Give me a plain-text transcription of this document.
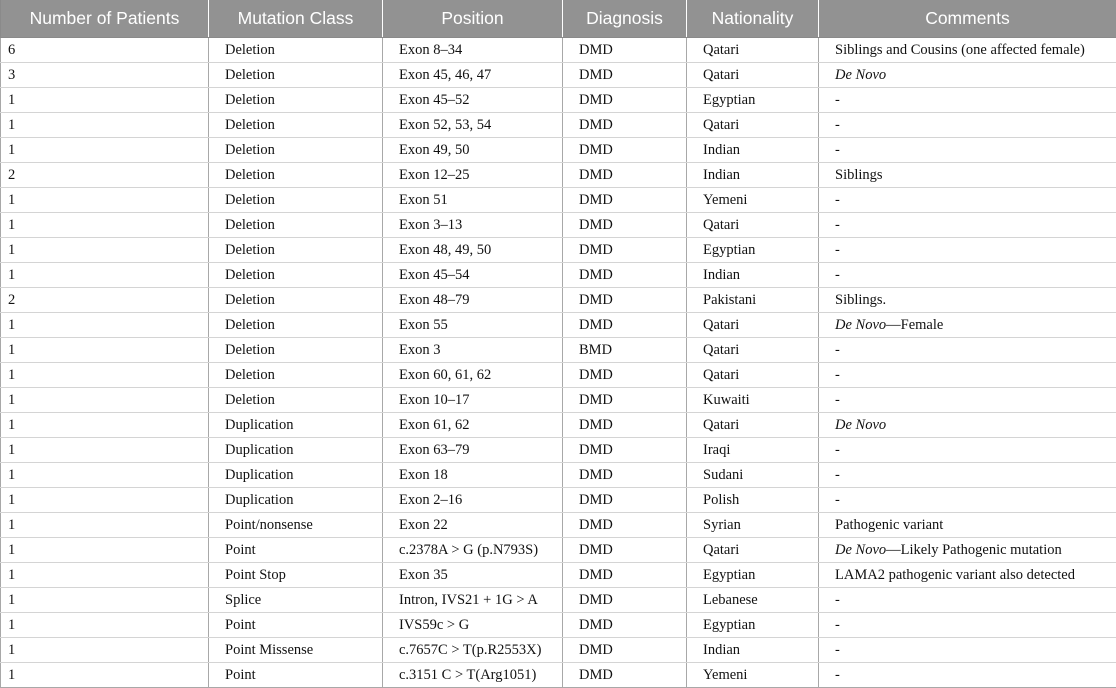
Number of Patients	Mutation Class	Position	Diagnosis	Nationality	Comments
6	Deletion	Exon 8–34	DMD	Qatari	Siblings and Cousins (one affected female)
3	Deletion	Exon 45, 46, 47	DMD	Qatari	De Novo
1	Deletion	Exon 45–52	DMD	Egyptian	-
1	Deletion	Exon 52, 53, 54	DMD	Qatari	-
1	Deletion	Exon 49, 50	DMD	Indian	-
2	Deletion	Exon 12–25	DMD	Indian	Siblings
1	Deletion	Exon 51	DMD	Yemeni	-
1	Deletion	Exon 3–13	DMD	Qatari	-
1	Deletion	Exon 48, 49, 50	DMD	Egyptian	-
1	Deletion	Exon 45–54	DMD	Indian	-
2	Deletion	Exon 48–79	DMD	Pakistani	Siblings.
1	Deletion	Exon 55	DMD	Qatari	De Novo—Female
1	Deletion	Exon 3	BMD	Qatari	-
1	Deletion	Exon 60, 61, 62	DMD	Qatari	-
1	Deletion	Exon 10–17	DMD	Kuwaiti	-
1	Duplication	Exon 61, 62	DMD	Qatari	De Novo
1	Duplication	Exon 63–79	DMD	Iraqi	-
1	Duplication	Exon 18	DMD	Sudani	-
1	Duplication	Exon 2–16	DMD	Polish	-
1	Point/nonsense	Exon 22	DMD	Syrian	Pathogenic variant
1	Point	c.2378A > G (p.N793S)	DMD	Qatari	De Novo—Likely Pathogenic mutation
1	Point Stop	Exon 35	DMD	Egyptian	LAMA2 pathogenic variant also detected
1	Splice	Intron, IVS21 + 1G > A	DMD	Lebanese	-
1	Point	IVS59c > G	DMD	Egyptian	-
1	Point Missense	c.7657C > T(p.R2553X)	DMD	Indian	-
1	Point	c.3151 C > T(Arg1051)	DMD	Yemeni	-
